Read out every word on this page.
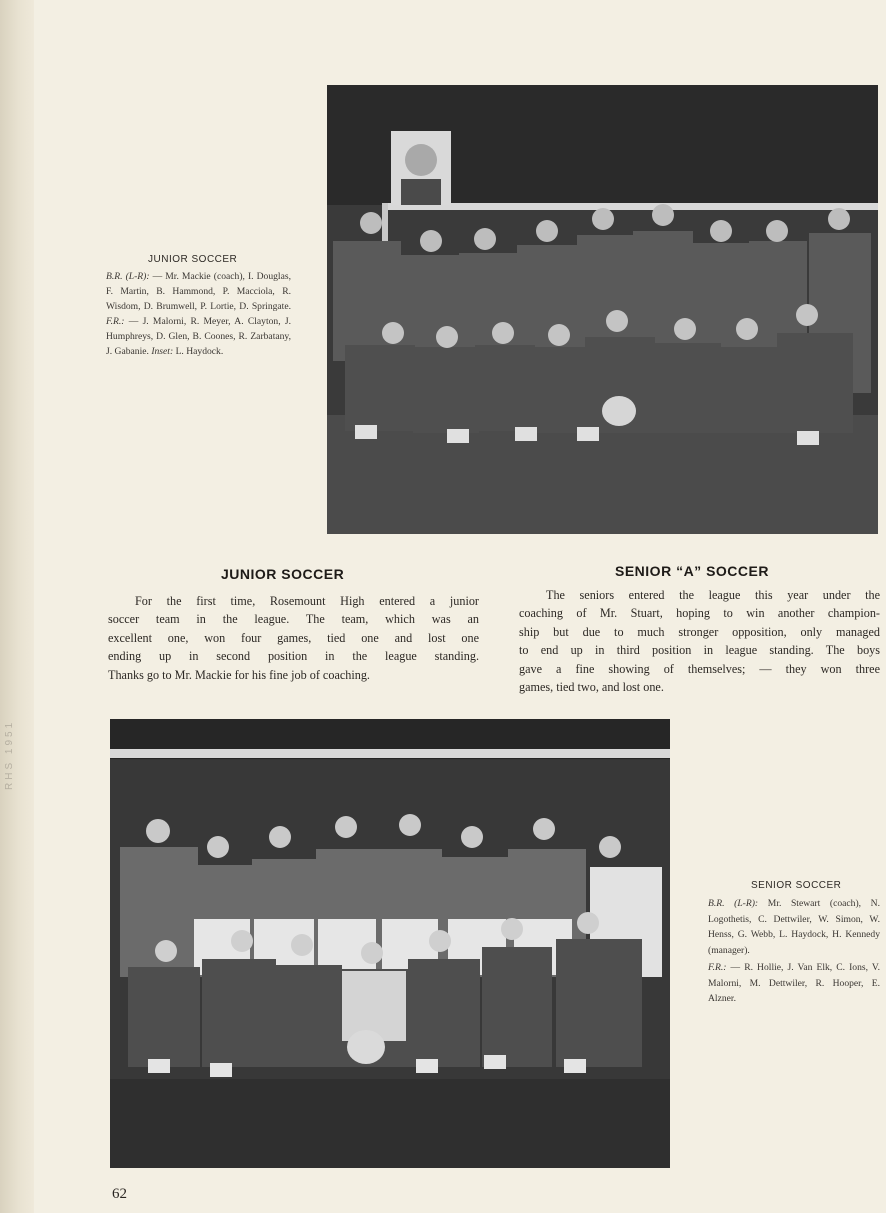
RHS 1951
JUNIOR SOCCER
B.R. (L-R): — Mr. Mackie (coach), I. Douglas, F. Martin, B. Hammond, P. Macciola, R. Wisdom, D. Brumwell, P. Lortie, D. Springate. F.R.: — J. Malorni, R. Meyer, A. Clayton, J. Humphreys, D. Glen, B. Coones, R. Zarbatany, J. Gabanie. Inset: L. Haydock.
JUNIOR SOCCER
For the first time, Rosemount High entered a junior
soccer team in the league. The team, which was an
excellent one, won four games, tied one and lost one
ending up in second position in the league standing.
Thanks go to Mr. Mackie for his fine job of coaching.
SENIOR “A” SOCCER
The seniors entered the league this year under the
coaching of Mr. Stuart, hoping to win another champion-
ship but due to much stronger opposition, only managed
to end up in third position in league standing. The boys
gave a fine showing of themselves; — they won three
games, tied two, and lost one.
SENIOR SOCCER
B.R. (L-R): Mr. Stewart (coach), N. Logothetis, C. Dettwiler, W. Simon, W. Henss, G. Webb, L. Haydock, H. Kennedy (manager).
F.R.: — R. Hollie, J. Van Elk, C. Ions, V. Malorni, M. Dettwiler, R. Hooper, E. Alzner.
62
